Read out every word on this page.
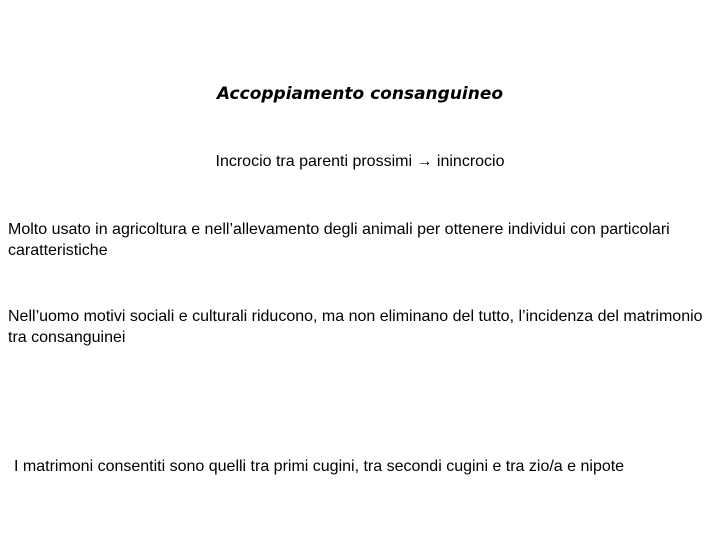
Accoppiamento consanguineo
Incrocio tra parenti prossimi → inincrocio
Molto usato in agricoltura e nell’allevamento degli animali per ottenere individui con particolari caratteristiche
Nell’uomo motivi sociali e culturali riducono, ma non eliminano del tutto, l’incidenza del matrimonio tra consanguinei
I matrimoni consentiti sono quelli tra primi cugini, tra secondi cugini e tra zio/a e nipote
